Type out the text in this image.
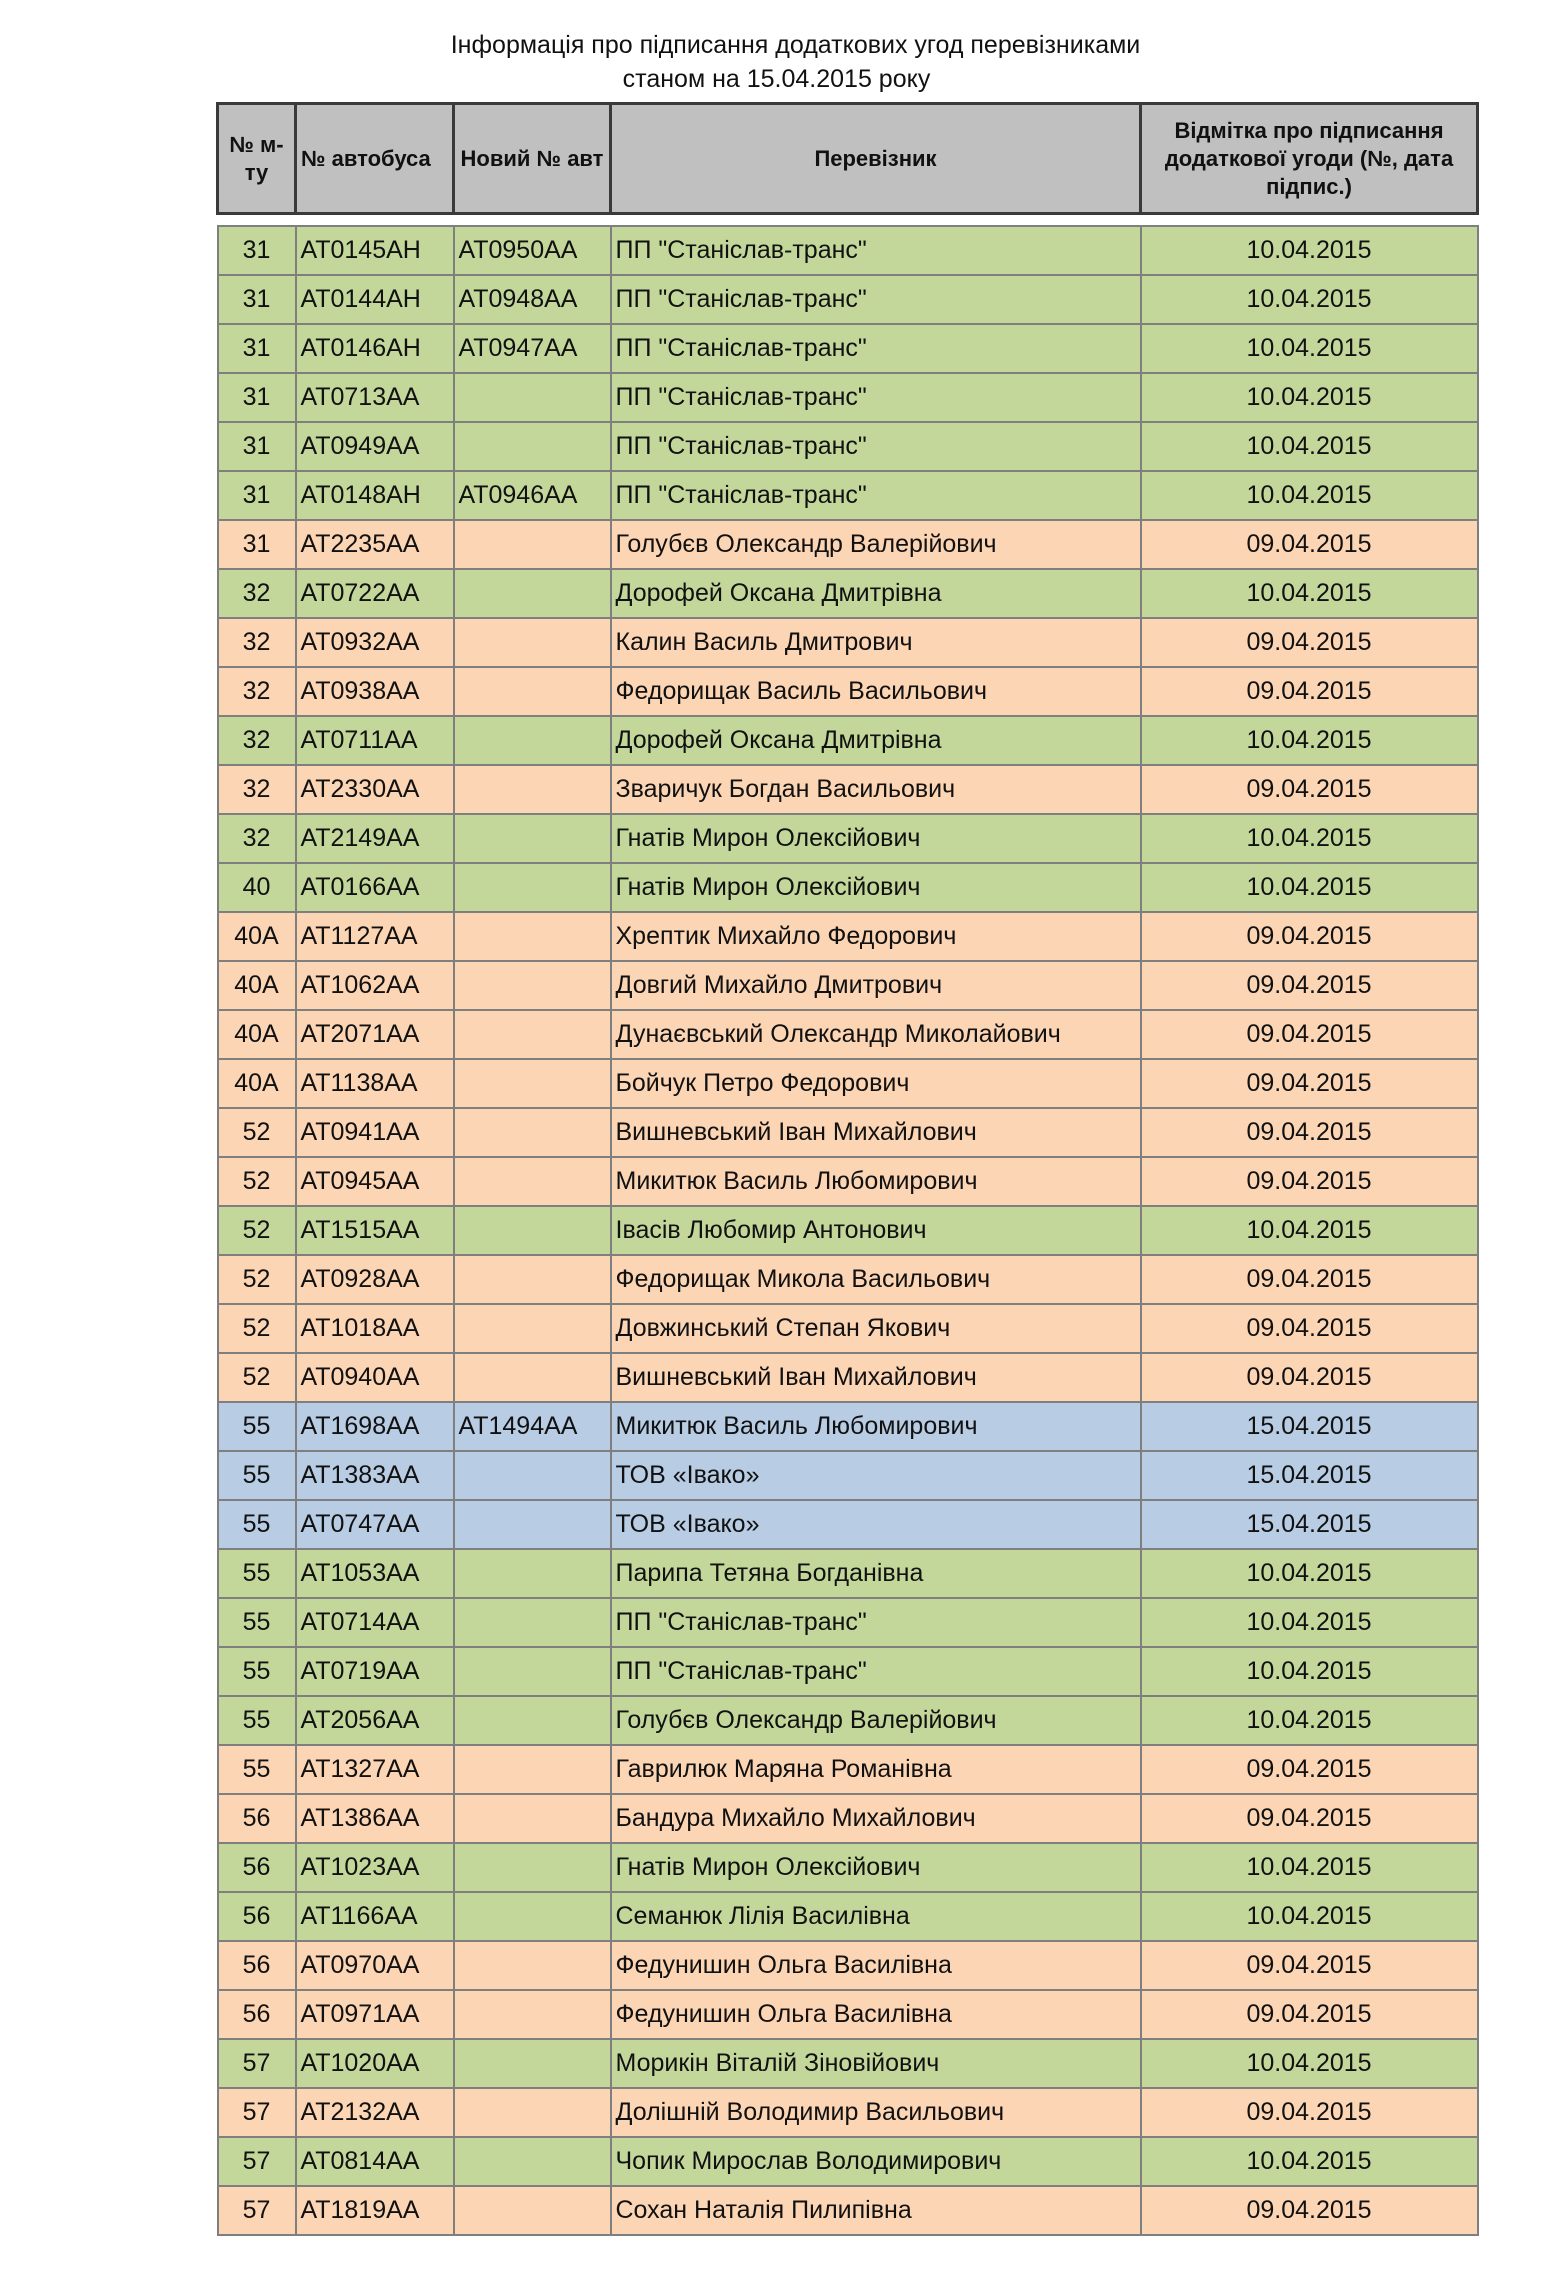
Інформація про підписання додаткових угод перевізниками
станом на 15.04.2015 року
№ м-ту	№ автобуса	Новий № авт	Перевізник	Відмітка про підписання додаткової угоди (№, дата підпис.)

31	АТ0145АН	АТ0950АА	ПП "Станіслав-транс"	10.04.2015
31	АТ0144АН	АТ0948АА	ПП "Станіслав-транс"	10.04.2015
31	АТ0146АН	АТ0947АА	ПП "Станіслав-транс"	10.04.2015
31	АТ0713АА		ПП "Станіслав-транс"	10.04.2015
31	АТ0949АА		ПП "Станіслав-транс"	10.04.2015
31	АТ0148АН	АТ0946АА	ПП "Станіслав-транс"	10.04.2015
31	АТ2235АА		Голубєв Олександр Валерійович	09.04.2015
32	АТ0722АА		Дорофей Оксана Дмитрівна	10.04.2015
32	АТ0932АА		Калин Василь Дмитрович	09.04.2015
32	АТ0938АА		Федорищак Василь Васильович	09.04.2015
32	АТ0711АА		Дорофей Оксана Дмитрівна	10.04.2015
32	АТ2330АА		Зваричук Богдан Васильович	09.04.2015
32	АТ2149АА		Гнатів Мирон Олексійович	10.04.2015
40	АТ0166АА		Гнатів Мирон Олексійович	10.04.2015
40А	АТ1127АА		Хрептик Михайло Федорович	09.04.2015
40А	АТ1062АА		Довгий Михайло Дмитрович	09.04.2015
40А	АТ2071АА		Дунаєвський Олександр Миколайович	09.04.2015
40А	АТ1138АА		Бойчук Петро Федорович	09.04.2015
52	АТ0941АА		Вишневський Іван Михайлович	09.04.2015
52	АТ0945АА		Микитюк Василь Любомирович	09.04.2015
52	АТ1515АА		Івасів Любомир Антонович	10.04.2015
52	АТ0928АА		Федорищак Микола Васильович	09.04.2015
52	АТ1018АА		Довжинський Степан Якович	09.04.2015
52	АТ0940АА		Вишневський Іван Михайлович	09.04.2015
55	АТ1698АА	АТ1494АА	Микитюк Василь Любомирович	15.04.2015
55	АТ1383АА		ТОВ «Івако»	15.04.2015
55	АТ0747АА		ТОВ «Івако»	15.04.2015
55	АТ1053АА		Парипа Тетяна Богданівна	10.04.2015
55	АТ0714АА		ПП "Станіслав-транс"	10.04.2015
55	АТ0719АА		ПП "Станіслав-транс"	10.04.2015
55	АТ2056АА		Голубєв Олександр Валерійович	10.04.2015
55	АТ1327АА		Гаврилюк Маряна Романівна	09.04.2015
56	АТ1386АА		Бандура Михайло Михайлович	09.04.2015
56	АТ1023АА		Гнатів Мирон Олексійович	10.04.2015
56	АТ1166АА		Семанюк Лілія Василівна	10.04.2015
56	АТ0970АА		Федунишин Ольга Василівна	09.04.2015
56	АТ0971АА		Федунишин Ольга Василівна	09.04.2015
57	АТ1020АА		Морикін Віталій Зіновійович	10.04.2015
57	АТ2132АА		Долішній Володимир Васильович	09.04.2015
57	АТ0814АА		Чопик Мирослав Володимирович	10.04.2015
57	АТ1819АА		Сохан Наталія Пилипівна	09.04.2015
